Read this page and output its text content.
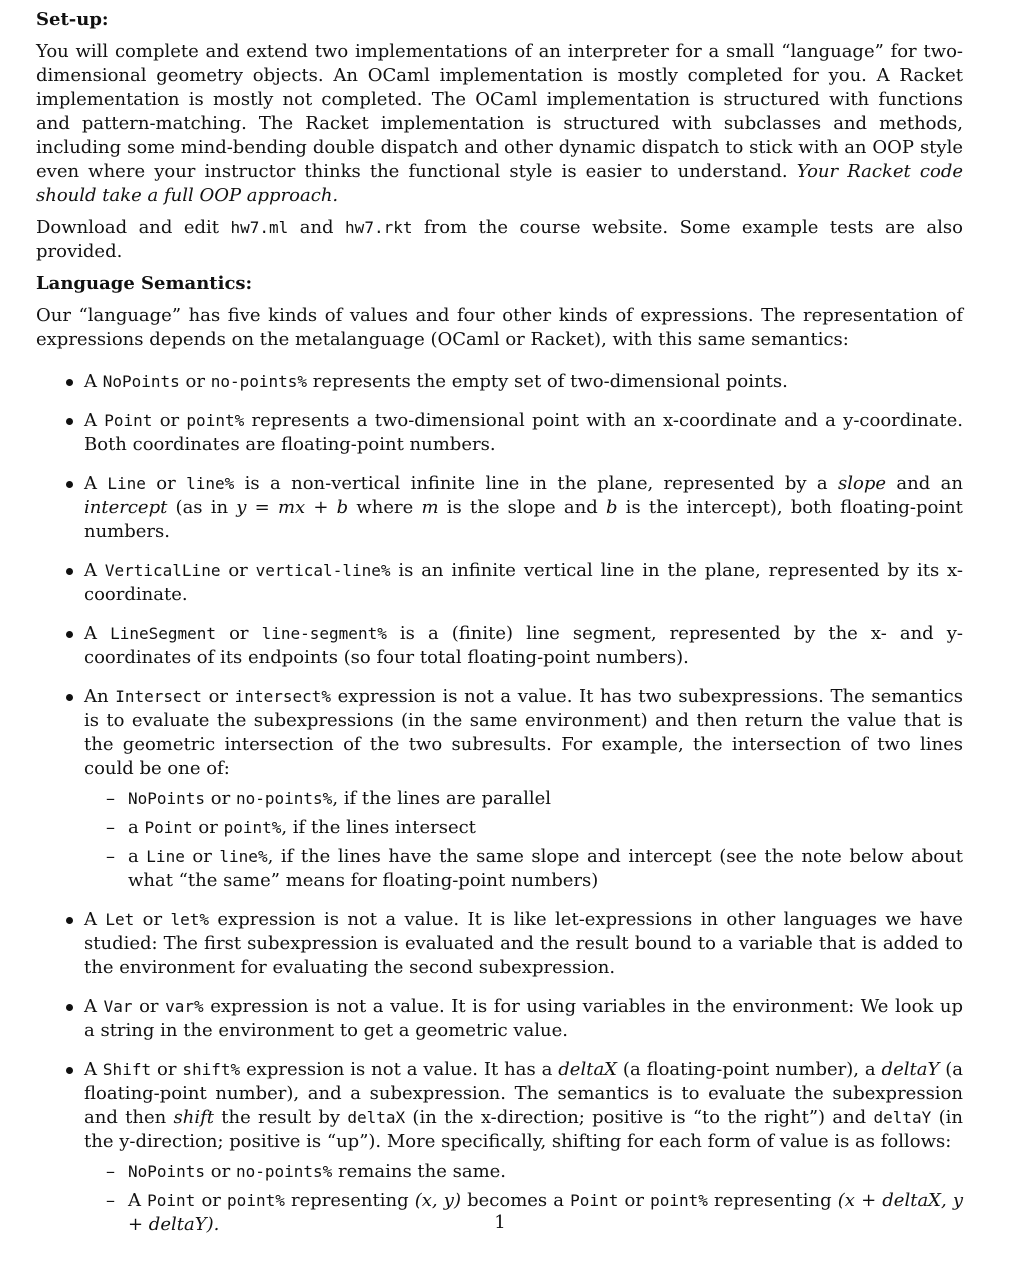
Set-up:

You will complete and extend two implementations of an interpreter for a small “language” for two-dimensional geometry objects. An OCaml implementation is mostly completed for you. A Racket implementation is mostly not completed. The OCaml implementation is structured with functions and pattern-matching. The Racket implementation is structured with subclasses and methods, including some mind-bending double dispatch and other dynamic dispatch to stick with an OOP style even where your instructor thinks the functional style is easier to understand. Your Racket code should take a full OOP approach.

Download and edit hw7.ml and hw7.rkt from the course website. Some example tests are also provided.

Language Semantics:

Our “language” has five kinds of values and four other kinds of expressions. The representation of expressions depends on the metalanguage (OCaml or Racket), with this same semantics:

A NoPoints or no-points% represents the empty set of two-dimensional points.
A Point or point% represents a two-dimensional point with an x-coordinate and a y-coordinate. Both coordinates are floating-point numbers.
A Line or line% is a non-vertical infinite line in the plane, represented by a slope and an intercept (as in y = mx + b where m is the slope and b is the intercept), both floating-point numbers.
A VerticalLine or vertical-line% is an infinite vertical line in the plane, represented by its x-coordinate.
A LineSegment or line-segment% is a (finite) line segment, represented by the x- and y-coordinates of its endpoints (so four total floating-point numbers).
An Intersect or intersect% expression is not a value. It has two subexpressions. The semantics is to evaluate the subexpressions (in the same environment) and then return the value that is the geometric intersection of the two subresults. For example, the intersection of two lines could be one of:
– NoPoints or no-points%, if the lines are parallel
– a Point or point%, if the lines intersect
– a Line or line%, if the lines have the same slope and intercept (see the note below about what “the same” means for floating-point numbers)
A Let or let% expression is not a value. It is like let-expressions in other languages we have studied: The first subexpression is evaluated and the result bound to a variable that is added to the environment for evaluating the second subexpression.
A Var or var% expression is not a value. It is for using variables in the environment: We look up a string in the environment to get a geometric value.
A Shift or shift% expression is not a value. It has a deltaX (a floating-point number), a deltaY (a floating-point number), and a subexpression. The semantics is to evaluate the subexpression and then shift the result by deltaX (in the x-direction; positive is “to the right”) and deltaY (in the y-direction; positive is “up”). More specifically, shifting for each form of value is as follows:
– NoPoints or no-points% remains the same.
– A Point or point% representing (x, y) becomes a Point or point% representing (x + deltaX, y + deltaY).	1
